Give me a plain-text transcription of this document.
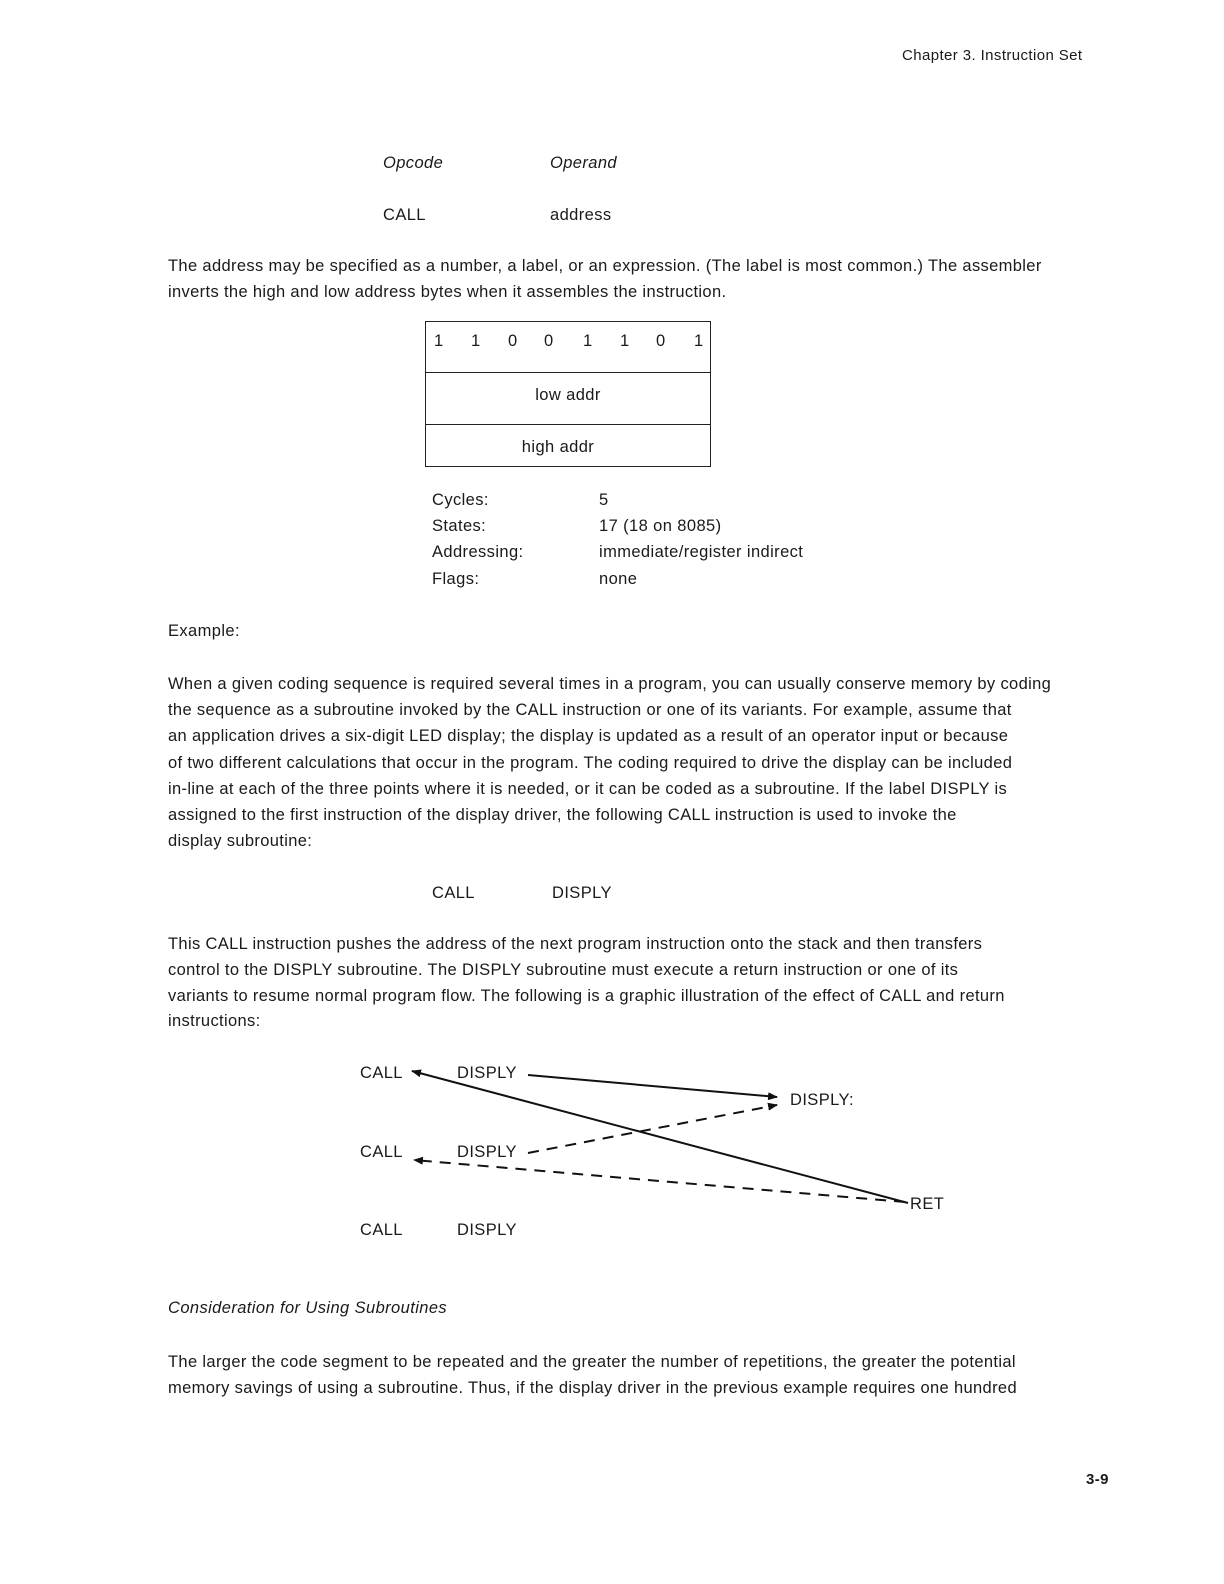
Chapter 3. Instruction Set
Opcode	Operand
CALL	address
The address may be specified as a number, a label, or an expression. (The label is most common.) The assembler
inverts the high and low address bytes when it assembles the instruction.
1 1 0 0 1 1 0 1
low addr
high addr
Cycles:	5
States:	17 (18 on 8085)
Addressing:	immediate/register indirect
Flags:	none
Example:
When a given coding sequence is required several times in a program, you can usually conserve memory by coding
the sequence as a subroutine invoked by the CALL instruction or one of its variants. For example, assume that
an application drives a six-digit LED display; the display is updated as a result of an operator input or because
of two different calculations that occur in the program. The coding required to drive the display can be included
in-line at each of the three points where it is needed, or it can be coded as a subroutine. If the label DISPLY is
assigned to the first instruction of the display driver, the following CALL instruction is used to invoke the
display subroutine:
CALL	DISPLY
This CALL instruction pushes the address of the next program instruction onto the stack and then transfers
control to the DISPLY subroutine. The DISPLY subroutine must execute a return instruction or one of its
variants to resume normal program flow. The following is a graphic illustration of the effect of CALL and return
instructions:
CALL	DISPLY
CALL	DISPLY
CALL	DISPLY
DISPLY:
RET
Consideration for Using Subroutines
The larger the code segment to be repeated and the greater the number of repetitions, the greater the potential
memory savings of using a subroutine. Thus, if the display driver in the previous example requires one hundred
3-9
